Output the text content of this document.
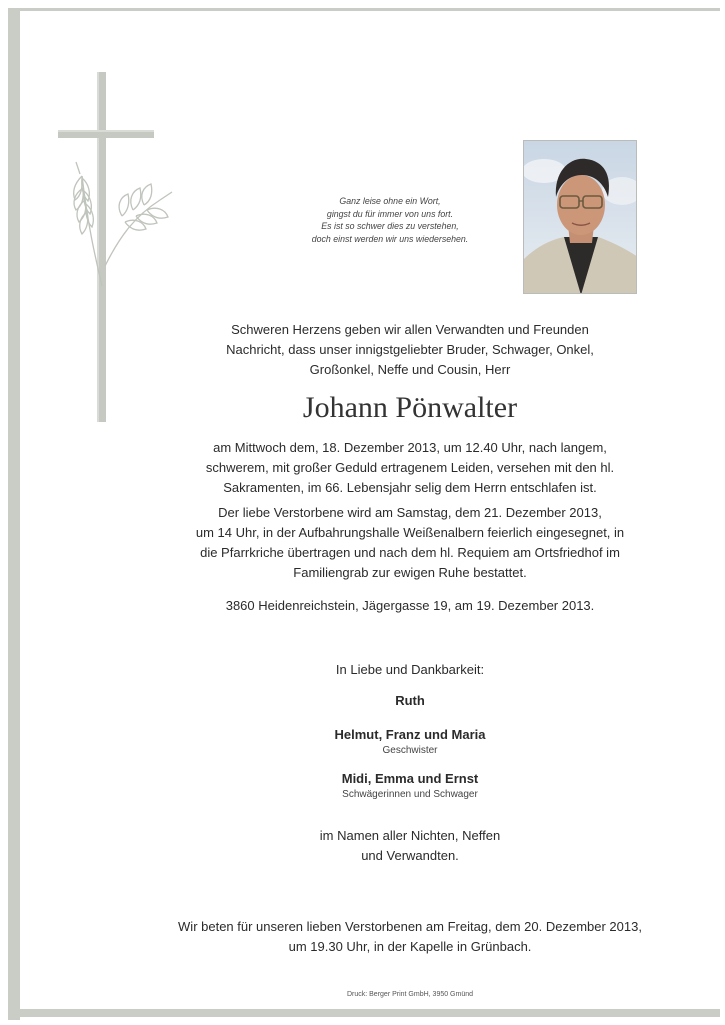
Ganz leise ohne ein Wort,
gingst du für immer von uns fort.
Es ist so schwer dies zu verstehen,
doch einst werden wir uns wiedersehen.
Schweren Herzens geben wir allen Verwandten und Freunden
Nachricht, dass unser innigstgeliebter Bruder, Schwager, Onkel,
Großonkel, Neffe und Cousin, Herr
Johann Pönwalter
am Mittwoch dem, 18. Dezember 2013, um 12.40 Uhr, nach langem,
schwerem, mit großer Geduld ertragenem Leiden, versehen mit den hl.
Sakramenten, im 66. Lebensjahr selig dem Herrn entschlafen ist.
Der liebe Verstorbene wird am Samstag, dem 21. Dezember 2013,
um 14 Uhr, in der Aufbahrungshalle Weißenalbern feierlich eingesegnet, in
die Pfarrkriche übertragen und nach dem hl. Requiem am Ortsfriedhof im
Familiengrab zur ewigen Ruhe bestattet.
3860 Heidenreichstein, Jägergasse 19, am 19. Dezember 2013.
In Liebe und Dankbarkeit:
Ruth
Helmut, Franz und Maria
Geschwister
Midi, Emma und Ernst
Schwägerinnen und Schwager
im Namen aller Nichten, Neffen
und Verwandten.
Wir beten für unseren lieben Verstorbenen am Freitag, dem 20. Dezember 2013,
um 19.30 Uhr, in der Kapelle in Grünbach.
Druck: Berger Print GmbH, 3950 Gmünd
